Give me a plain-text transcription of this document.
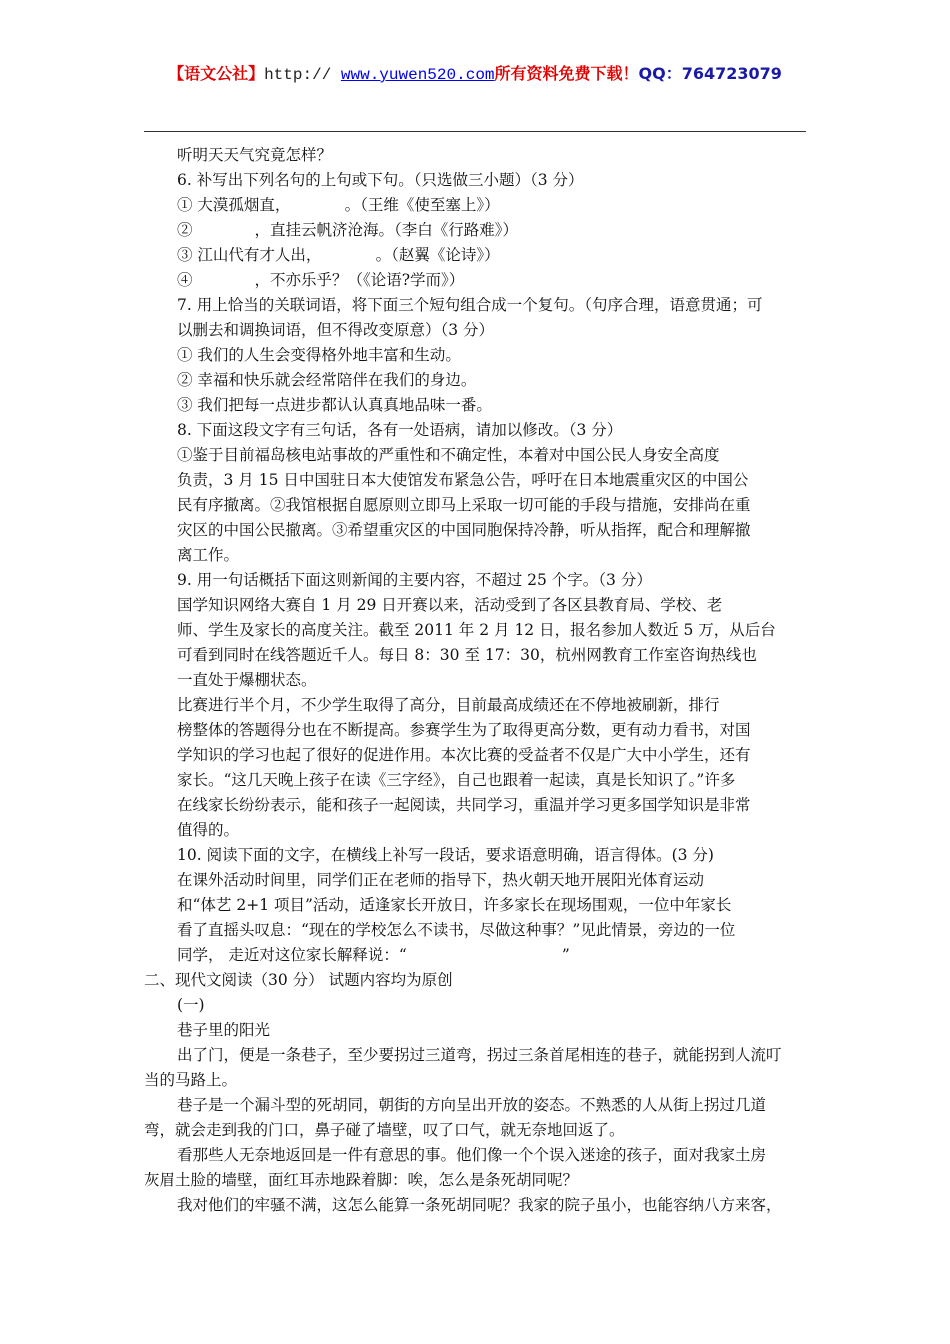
【语文公社】http:// www.yuwen520.com所有资料免费下载！QQ：764723079
听明天天气究竟怎样？
6. 补写出下列名句的上句或下句。（只选做三小题）（3 分）
① 大漠孤烟直，　　　　。（王维《使至塞上》）
②　　　　，直挂云帆济沧海。（李白《行路难》）
③ 江山代有才人出，　　　　。（赵翼《论诗》）
④　　　　，不亦乐乎？（《论语?学而》）
7. 用上恰当的关联词语，将下面三个短句组合成一个复句。（句序合理，语意贯通；可
以删去和调换词语，但不得改变原意）（3 分）
① 我们的人生会变得格外地丰富和生动。
② 幸福和快乐就会经常陪伴在我们的身边。
③ 我们把每一点进步都认认真真地品味一番。
8. 下面这段文字有三句话，各有一处语病，请加以修改。（3 分）
①鉴于目前福岛核电站事故的严重性和不确定性，本着对中国公民人身安全高度
负责，3 月 15 日中国驻日本大使馆发布紧急公告，呼吁在日本地震重灾区的中国公
民有序撤离。②我馆根据自愿原则立即马上采取一切可能的手段与措施，安排尚在重
灾区的中国公民撤离。③希望重灾区的中国同胞保持冷静，听从指挥，配合和理解撤
离工作。
9. 用一句话概括下面这则新闻的主要内容，不超过 25 个字。（3 分）
国学知识网络大赛自 1 月 29 日开赛以来，活动受到了各区县教育局、学校、老
师、学生及家长的高度关注。截至 2011 年 2 月 12 日，报名参加人数近 5 万，从后台
可看到同时在线答题近千人。每日 8：30 至 17：30，杭州网教育工作室咨询热线也
一直处于爆棚状态。
比赛进行半个月，不少学生取得了高分，目前最高成绩还在不停地被刷新，排行
榜整体的答题得分也在不断提高。参赛学生为了取得更高分数，更有动力看书，对国
学知识的学习也起了很好的促进作用。本次比赛的受益者不仅是广大中小学生，还有
家长。“这几天晚上孩子在读《三字经》，自己也跟着一起读，真是长知识了。”许多
在线家长纷纷表示，能和孩子一起阅读，共同学习，重温并学习更多国学知识是非常
值得的。
10. 阅读下面的文字，在横线上补写一段话，要求语意明确，语言得体。(3 分)
在课外活动时间里，同学们正在老师的指导下，热火朝天地开展阳光体育运动
和“体艺 2+1 项目”活动，适逢家长开放日，许多家长在现场围观，一位中年家长
看了直摇头叹息：“现在的学校怎么不读书，尽做这种事？”见此情景，旁边的一位
同学， 走近对这位家长解释说：“　　　　　　　　　　”
二、现代文阅读（30 分） 试题内容均为原创
(一)
巷子里的阳光
出了门，便是一条巷子，至少要拐过三道弯，拐过三条首尾相连的巷子，就能拐到人流叮
当的马路上。
巷子是一个漏斗型的死胡同，朝街的方向呈出开放的姿态。不熟悉的人从街上拐过几道
弯，就会走到我的门口，鼻子碰了墙壁，叹了口气，就无奈地回返了。
看那些人无奈地返回是一件有意思的事。他们像一个个误入迷途的孩子，面对我家土房
灰眉土脸的墙壁，面红耳赤地跺着脚：唉，怎么是条死胡同呢？
我对他们的牢骚不满，这怎么能算一条死胡同呢？我家的院子虽小，也能容纳八方来客，
